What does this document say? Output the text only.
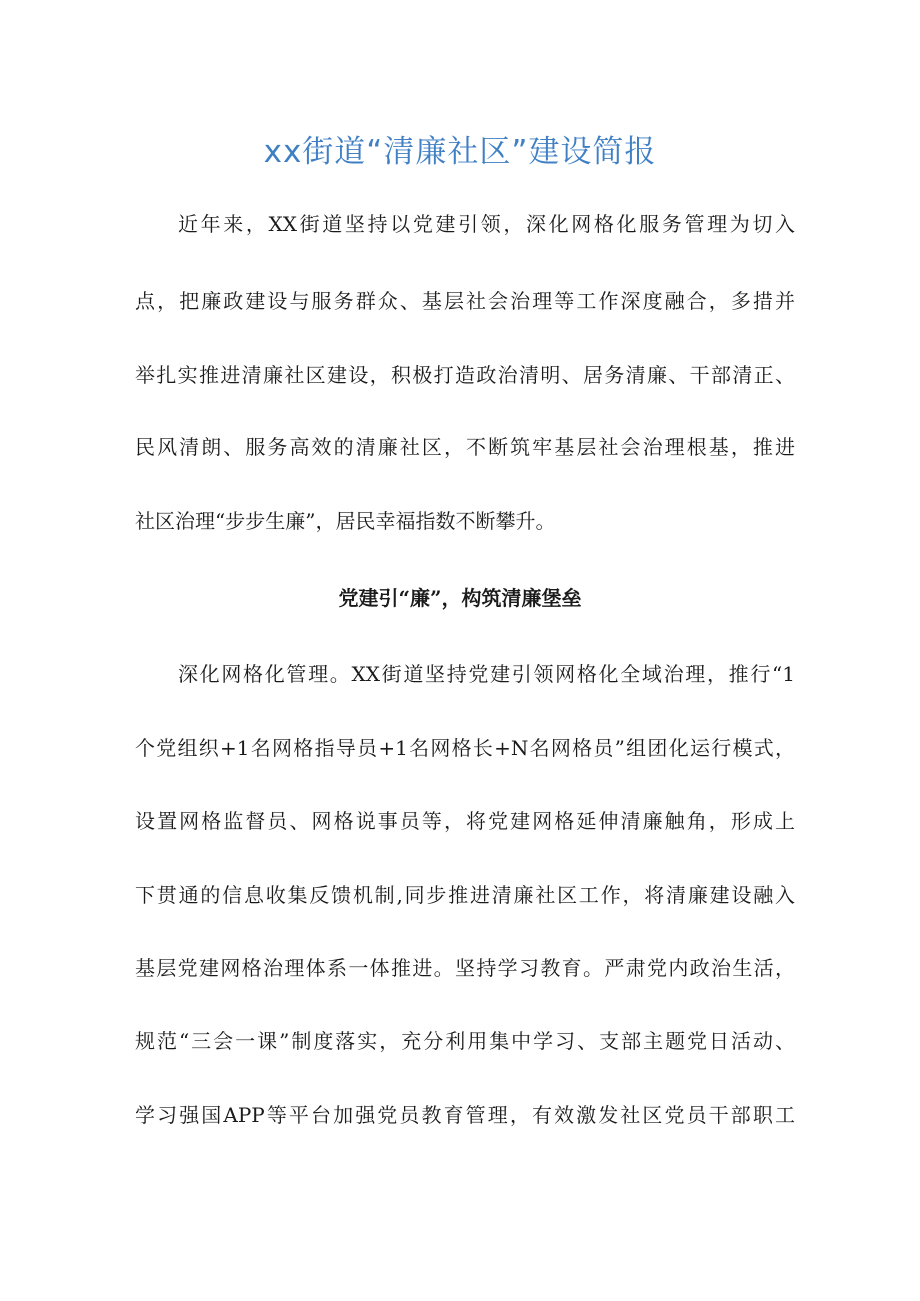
xx街道“清廉社区”建设简报
近年来，XX街道坚持以党建引领，深化网格化服务管理为切入
点，把廉政建设与服务群众、基层社会治理等工作深度融合，多措并
举扎实推进清廉社区建设，积极打造政治清明、居务清廉、干部清正、
民风清朗、服务高效的清廉社区，不断筑牢基层社会治理根基，推进
社区治理“步步生廉”，居民幸福指数不断攀升。
党建引“廉”，构筑清廉堡垒
深化网格化管理。XX街道坚持党建引领网格化全域治理，推行“1
个党组织+1名网格指导员+1名网格长+N名网格员”组团化运行模式，
设置网格监督员、网格说事员等，将党建网格延伸清廉触角，形成上
下贯通的信息收集反馈机制,同步推进清廉社区工作，将清廉建设融入
基层党建网格治理体系一体推进。坚持学习教育。严肃党内政治生活，
规范“三会一课”制度落实，充分利用集中学习、支部主题党日活动、
学习强国APP等平台加强党员教育管理，有效激发社区党员干部职工
